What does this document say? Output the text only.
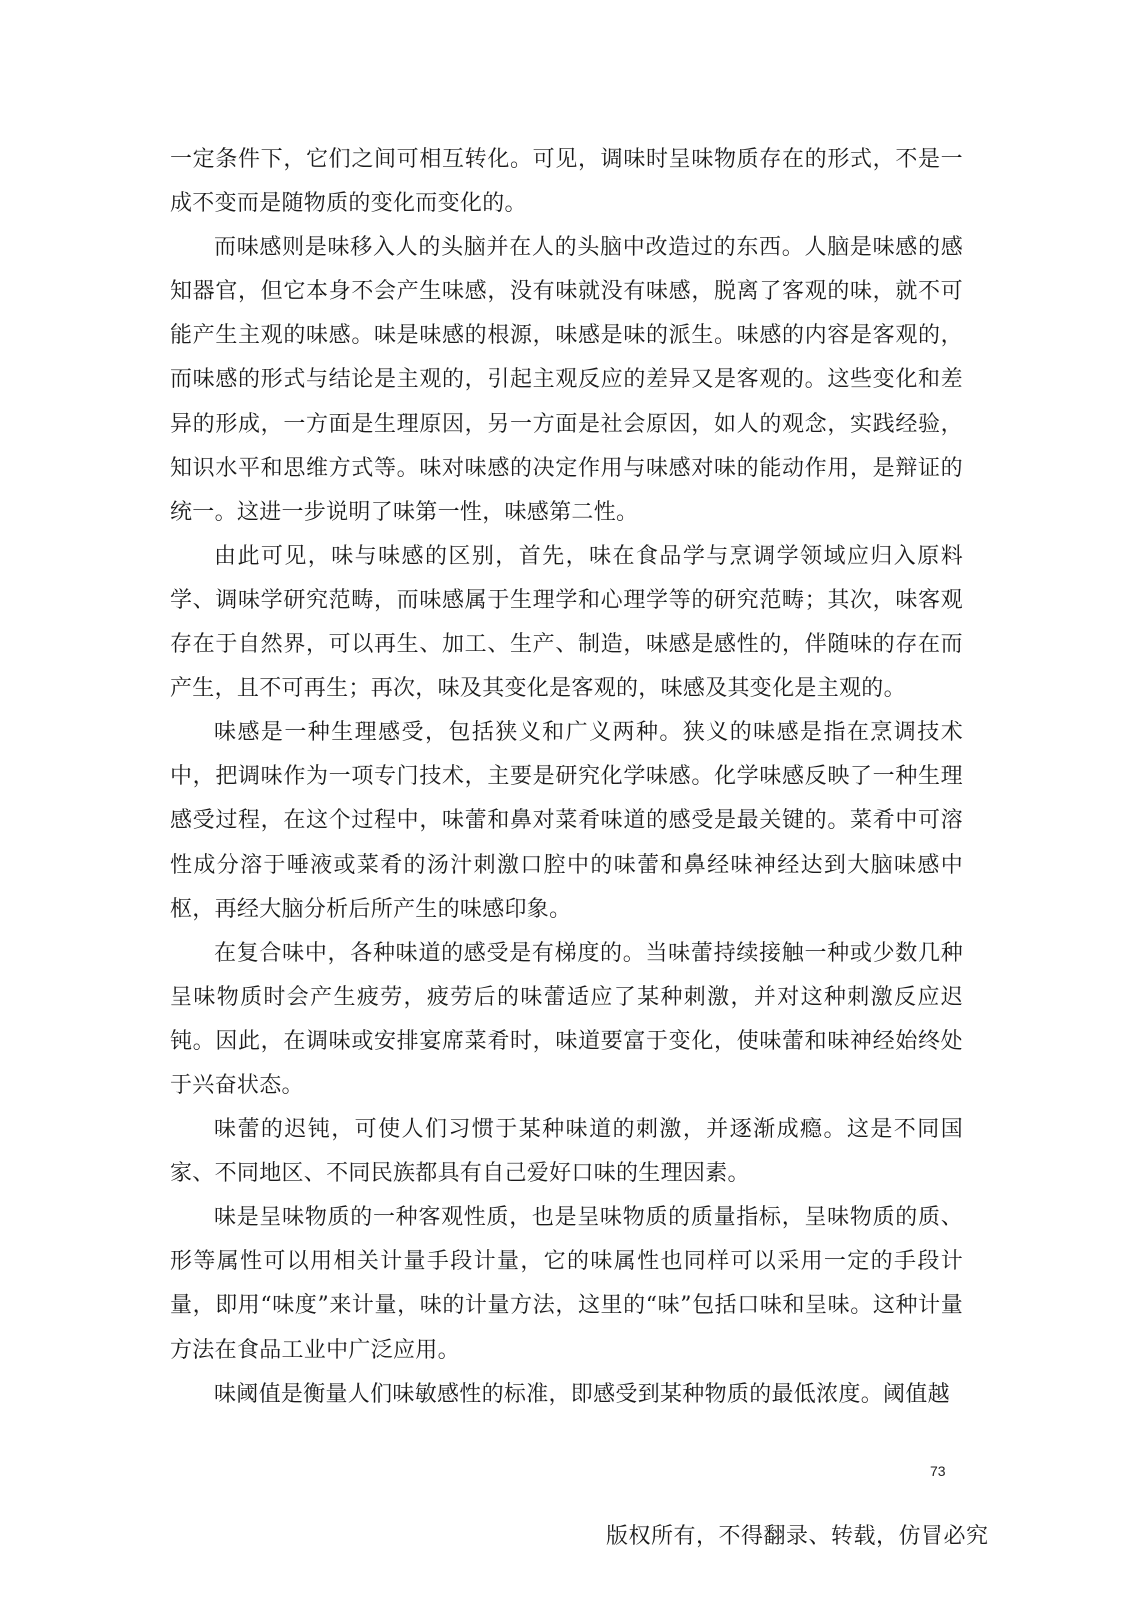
一定条件下，它们之间可相互转化。可见，调味时呈味物质存在的形式，不是一成不变而是随物质的变化而变化的。

而味感则是味移入人的头脑并在人的头脑中改造过的东西。人脑是味感的感知器官，但它本身不会产生味感，没有味就没有味感，脱离了客观的味，就不可能产生主观的味感。味是味感的根源，味感是味的派生。味感的内容是客观的，而味感的形式与结论是主观的，引起主观反应的差异又是客观的。这些变化和差异的形成，一方面是生理原因，另一方面是社会原因，如人的观念，实践经验，知识水平和思维方式等。味对味感的决定作用与味感对味的能动作用，是辩证的统一。这进一步说明了味第一性，味感第二性。

由此可见，味与味感的区别，首先，味在食品学与烹调学领域应归入原料学、调味学研究范畴，而味感属于生理学和心理学等的研究范畴；其次，味客观存在于自然界，可以再生、加工、生产、制造，味感是感性的，伴随味的存在而产生，且不可再生；再次，味及其变化是客观的，味感及其变化是主观的。

味感是一种生理感受，包括狭义和广义两种。狭义的味感是指在烹调技术中，把调味作为一项专门技术，主要是研究化学味感。化学味感反映了一种生理感受过程，在这个过程中，味蕾和鼻对菜肴味道的感受是最关键的。菜肴中可溶性成分溶于唾液或菜肴的汤汁刺激口腔中的味蕾和鼻经味神经达到大脑味感中枢，再经大脑分析后所产生的味感印象。

在复合味中，各种味道的感受是有梯度的。当味蕾持续接触一种或少数几种呈味物质时会产生疲劳，疲劳后的味蕾适应了某种刺激，并对这种刺激反应迟钝。因此，在调味或安排宴席菜肴时，味道要富于变化，使味蕾和味神经始终处于兴奋状态。

味蕾的迟钝，可使人们习惯于某种味道的刺激，并逐渐成瘾。这是不同国家、不同地区、不同民族都具有自己爱好口味的生理因素。

味是呈味物质的一种客观性质，也是呈味物质的质量指标，呈味物质的质、形等属性可以用相关计量手段计量，它的味属性也同样可以采用一定的手段计量，即用“味度”来计量，味的计量方法，这里的“味”包括口味和呈味。这种计量方法在食品工业中广泛应用。

味阈值是衡量人们味敏感性的标准，即感受到某种物质的最低浓度。阈值越

73
版权所有，不得翻录、转载，仿冒必究
